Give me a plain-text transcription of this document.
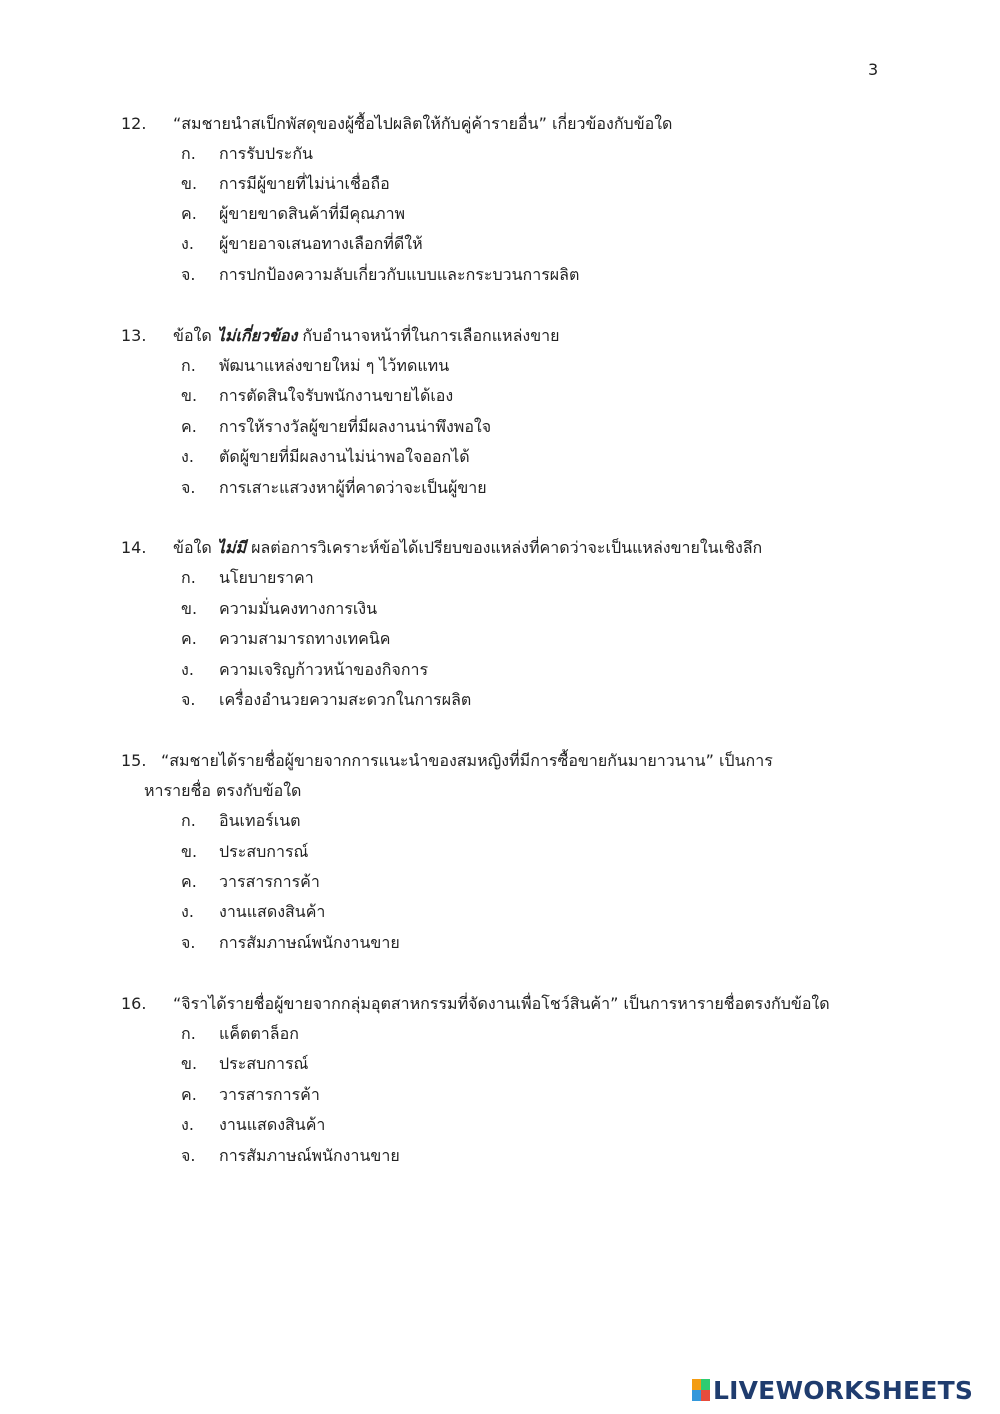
3
12. “สมชายนำสเป็กพัสดุของผู้ซื้อไปผลิตให้กับคู่ค้ารายอื่น” เกี่ยวข้องกับข้อใด
ก. การรับประกัน
ข. การมีผู้ขายที่ไม่น่าเชื่อถือ
ค. ผู้ขายขาดสินค้าที่มีคุณภาพ
ง. ผู้ขายอาจเสนอทางเลือกที่ดีให้
จ. การปกป้องความลับเกี่ยวกับแบบและกระบวนการผลิต
13. ข้อใด ไม่เกี่ยวข้อง กับอำนาจหน้าที่ในการเลือกแหล่งขาย
ก. พัฒนาแหล่งขายใหม่ ๆ ไว้ทดแทน
ข. การตัดสินใจรับพนักงานขายได้เอง
ค. การให้รางวัลผู้ขายที่มีผลงานน่าพึงพอใจ
ง. ตัดผู้ขายที่มีผลงานไม่น่าพอใจออกได้
จ. การเสาะแสวงหาผู้ที่คาดว่าจะเป็นผู้ขาย
14. ข้อใด ไม่มี ผลต่อการวิเคราะห์ข้อได้เปรียบของแหล่งที่คาดว่าจะเป็นแหล่งขายในเชิงลึก
ก. นโยบายราคา
ข. ความมั่นคงทางการเงิน
ค. ความสามารถทางเทคนิค
ง. ความเจริญก้าวหน้าของกิจการ
จ. เครื่องอำนวยความสะดวกในการผลิต
15. “สมชายได้รายชื่อผู้ขายจากการแนะนำของสมหญิงที่มีการซื้อขายกันมายาวนาน” เป็นการ
หารายชื่อ ตรงกับข้อใด
ก. อินเทอร์เนต
ข. ประสบการณ์
ค. วารสารการค้า
ง. งานแสดงสินค้า
จ. การสัมภาษณ์พนักงานขาย
16. “จิราได้รายชื่อผู้ขายจากกลุ่มอุตสาหกรรมที่จัดงานเพื่อโชว์สินค้า” เป็นการหารายชื่อตรงกับข้อใด
ก. แค็ตตาล็อก
ข. ประสบการณ์
ค. วารสารการค้า
ง. งานแสดงสินค้า
จ. การสัมภาษณ์พนักงานขาย
LIVEWORKSHEETS
